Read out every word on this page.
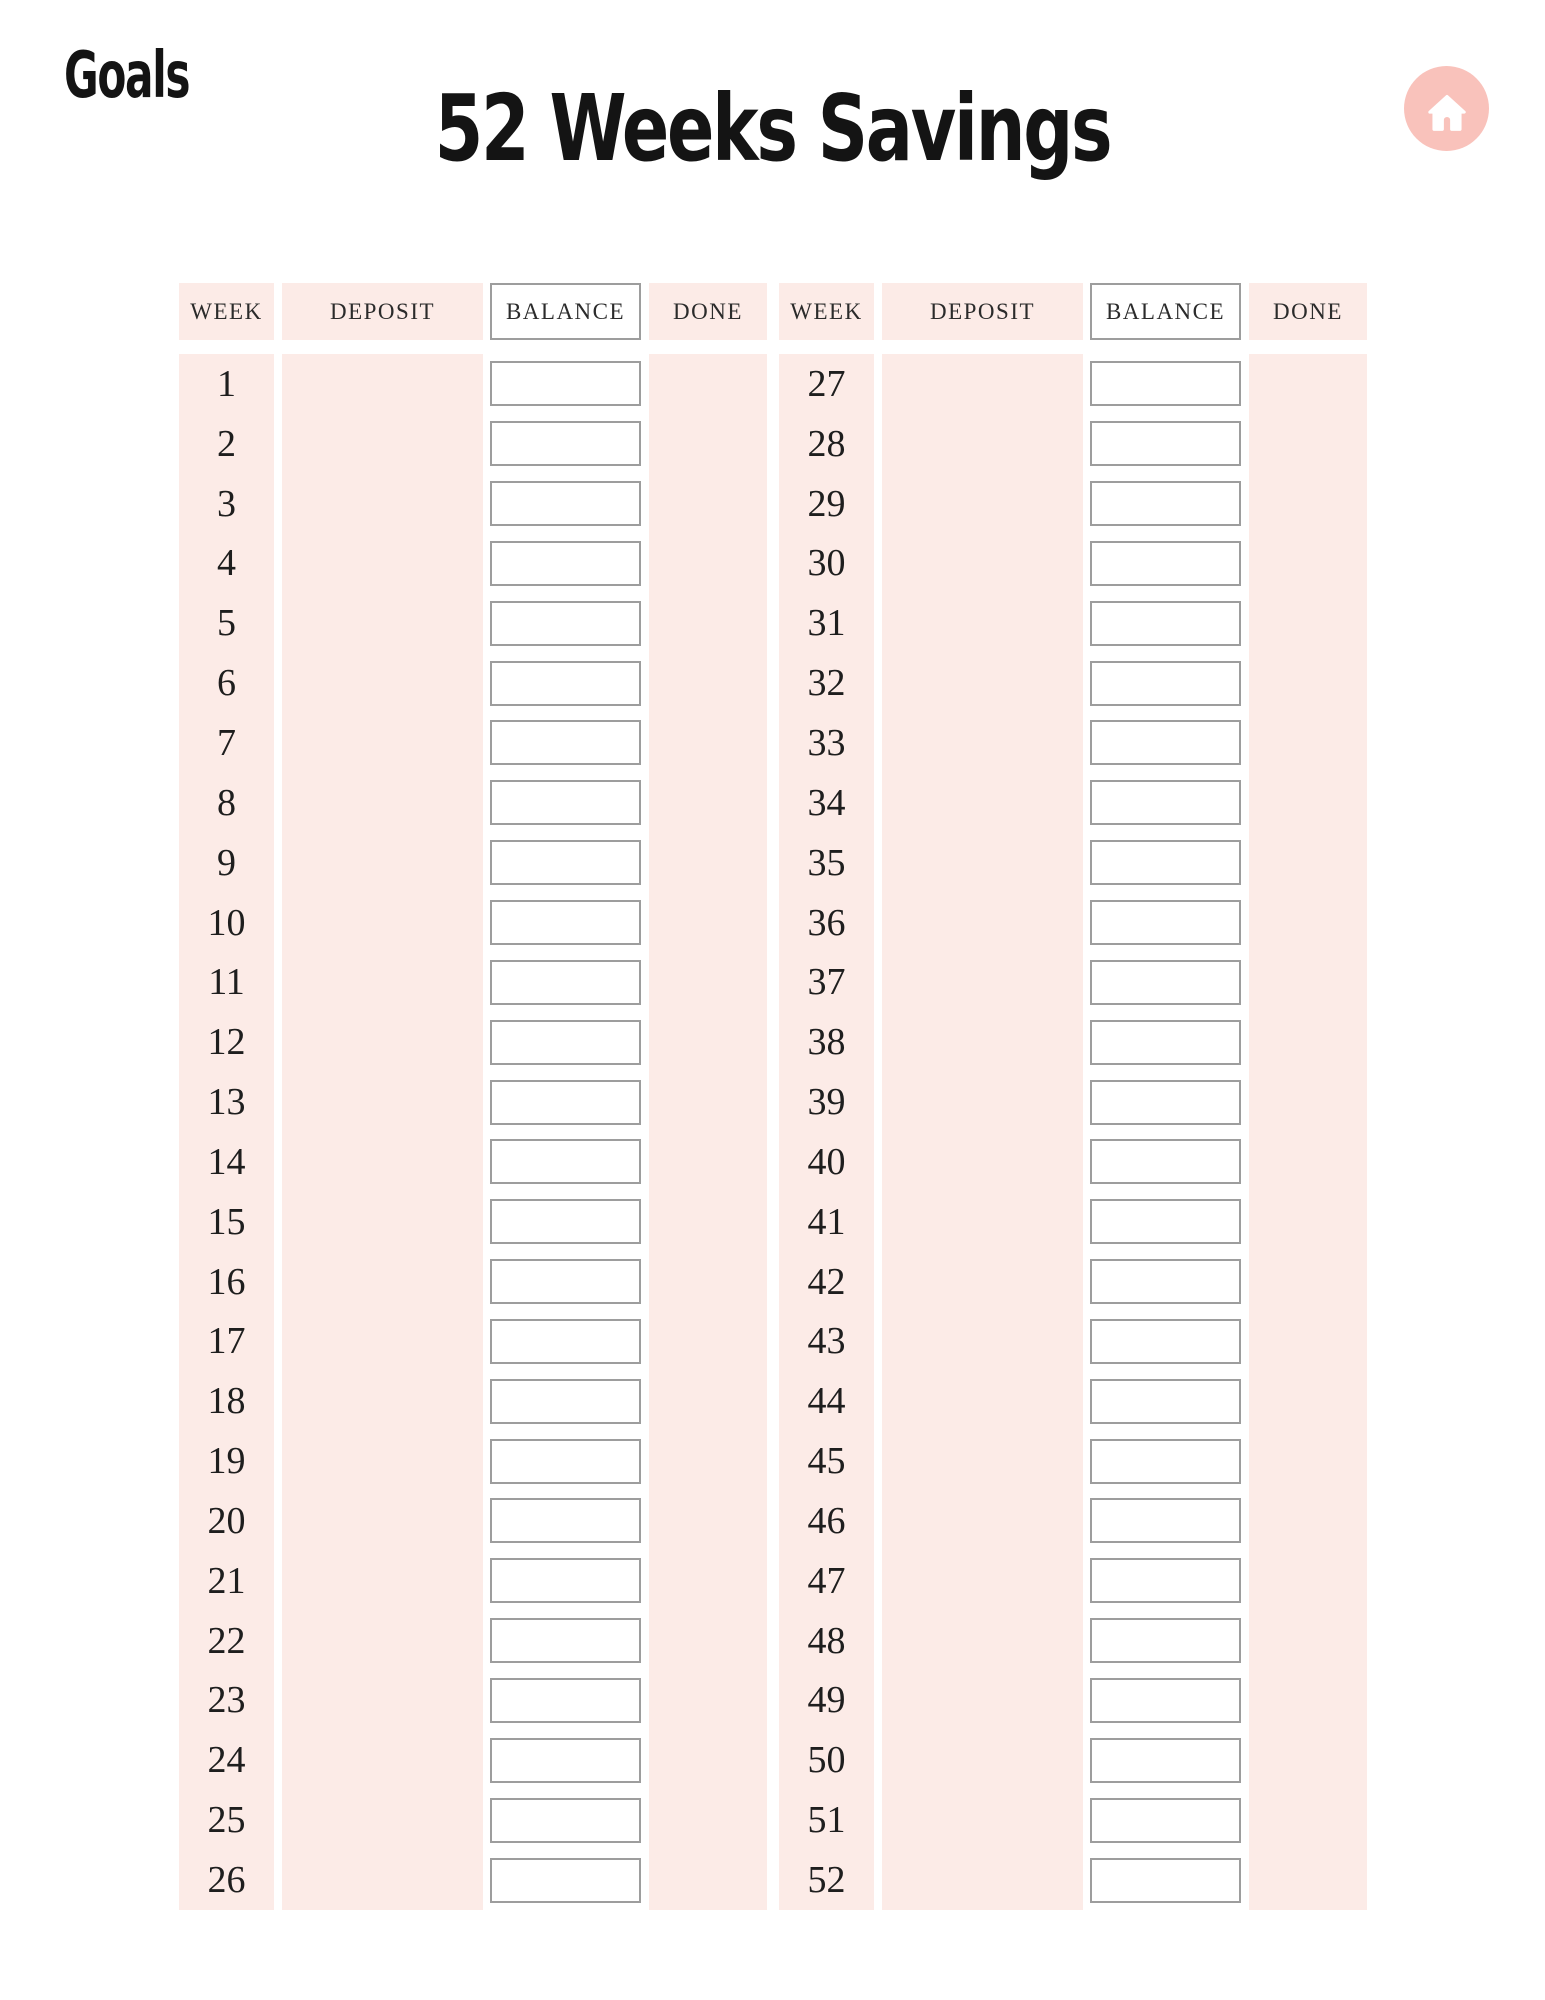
Goals	52 Weeks Savings
WEEK	DEPOSIT	BALANCE	DONE
1
2
3
4
5
6
7
8
9
10
11
12
13
14
15
16
17
18
19
20
21
22
23
24
25
26
WEEK	DEPOSIT	BALANCE	DONE
27
28
29
30
31
32
33
34
35
36
37
38
39
40
41
42
43
44
45
46
47
48
49
50
51
52
